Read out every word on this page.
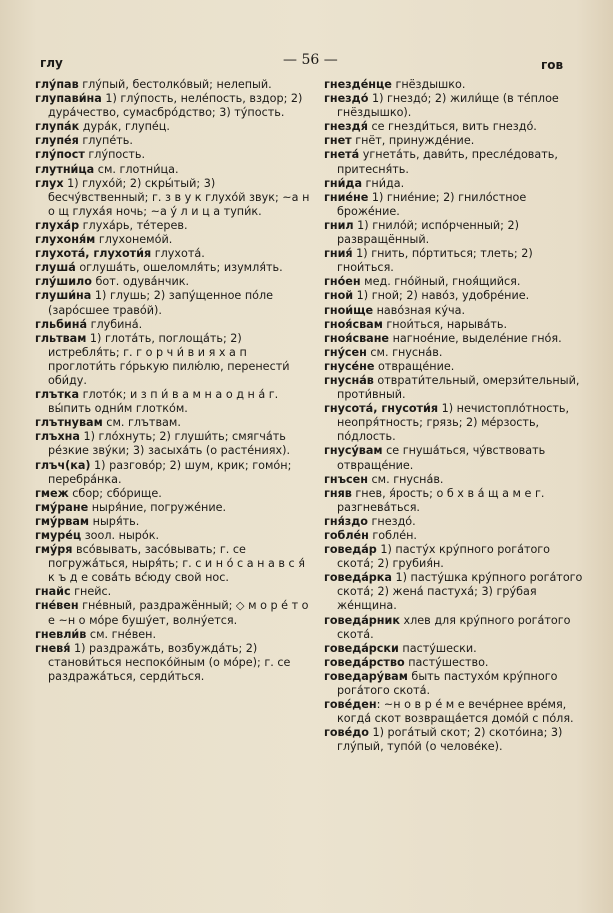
глу	— 56 —	гов
глу́пав глу́пый, бестолко́вый; нелепый.
глупави́на 1) глу́пость, неле́пость, вздор; 2) дура́чество, сумасбро́дство; 3) ту́пость.
глупа́к дура́к, глупе́ц.
глупе́я глупе́ть.
глу́пост глу́пость.
глутни́ца см. глотни́ца.
глух 1) глухо́й; 2) скры́тый; 3) бесчу́вственный; г. з в у к глухо́й звук; ~а н о щ глуха́я ночь; ~а у́ л и ц а тупи́к.
глуха́р глуха́рь, те́терев.
глухоня́м глухонемо́й.
глухота́, глухоти́я глухота́.
глуша́ оглуша́ть, ошеломля́ть; изумля́ть.
глу́шило бот. одува́нчик.
глуши́на 1) глушь; 2) запу́щенное по́ле (зарóсшее травóй).
гльбина́ глубина́.
гльтвам 1) глота́ть, поглоща́ть; 2) истребля́ть; г. г о р ч и́ в и я х а п проглоти́ть го́рькую пилю́лю, перенести́ оби́ду.
глътка глото́к; и з п и́ в а м н а о д н а́ г. вы́пить одни́м глотко́м.
глътнувам см. глътвам.
глъхна 1) гло́хнуть; 2) глуши́ть; смягча́ть ре́зкие зву́ки; 3) засыха́ть (о расте́ниях).
глъч(ка) 1) разгово́р; 2) шум, крик; гомо́н; перебра́нка.
гмеж сбор; сбо́рище.
гму́ране ныря́ние, погруже́ние.
гму́рвам ныря́ть.
гмуре́ц зоол. ныро́к.
гму́ря всо́вывать, засо́вывать; г. се погружа́ться, ныря́ть; г. с и н о́ с а н а в с я́ к ъ д е сова́ть вс́юду свой нос.
гнайс гнейс.
гне́вен гне́вный, раздражённый; ◇ м о р е́ т о е ~н о мо́ре бушу́ет, волну́ется.
гневли́в см. гне́вен.
гневя́ 1) раздража́ть, возбужда́ть; 2) станови́ться неспоко́йным (о мо́ре); г. се раздража́ться, серди́ться.
гнезде́нце гнёздышко.
гнездо́ 1) гнездо́; 2) жили́ще (в те́плое гнёздышко).
гнездя́ се гнезди́ться, вить гнездо́.
гнет гнёт, принужде́ние.
гнета́ угнета́ть, дави́ть, пресле́довать, притесня́ть.
гни́да гни́да.
гние́не 1) гние́ние; 2) гнило́стное броже́ние.
гнил 1) гнило́й; испо́рченный; 2) развращённый.
гния́ 1) гнить, по́ртиться; тлеть; 2) гнои́ться.
гно́ен мед. гно́йный, гноя́щийся.
гной 1) гной; 2) наво́з, удобре́ние.
гнои́ще наво́зная ку́ча.
гноя́свам гнои́ться, нарыва́ть.
гноя́сване нагное́ние, выделе́ние гно́я.
гну́сен см. гнусна́в.
гнусе́не отвраще́ние.
гнусна́в отврати́тельный, омерзи́тельный, проти́вный.
гнусота́, гнусоти́я 1) нечистопло́тность, неопря́тность; грязь; 2) ме́рзость, по́длость.
гнусу́вам се гнуша́ться, чу́вствовать отвраще́ние.
гнъсен см. гнусна́в.
гняв гнев, я́рость; о б х в а́ щ а м е г. разгнева́ться.
гня́здо гнездо́.
гобле́н гобле́н.
говеда́р 1) пасту́х кру́пного рога́того скота́; 2) грубия́н.
говеда́рка 1) пасту́шка кру́пного рога́того скота́; 2) жена́ пастуха́; 3) гру́бая же́нщина.
говеда́рник хлев для кру́пного рога́того скота́.
говеда́рски пасту́шески.
говеда́рство пасту́шество.
говедару́вам быть пастухо́м кру́пного рога́того скота́.
гове́ден: ~н о в р е́ м е вече́рнее вре́мя, когда́ скот возвраща́ется домо́й с по́ля.
гове́до 1) рога́тый скот; 2) ското́ина; 3) глу́пый, тупо́й (о челове́ке).
